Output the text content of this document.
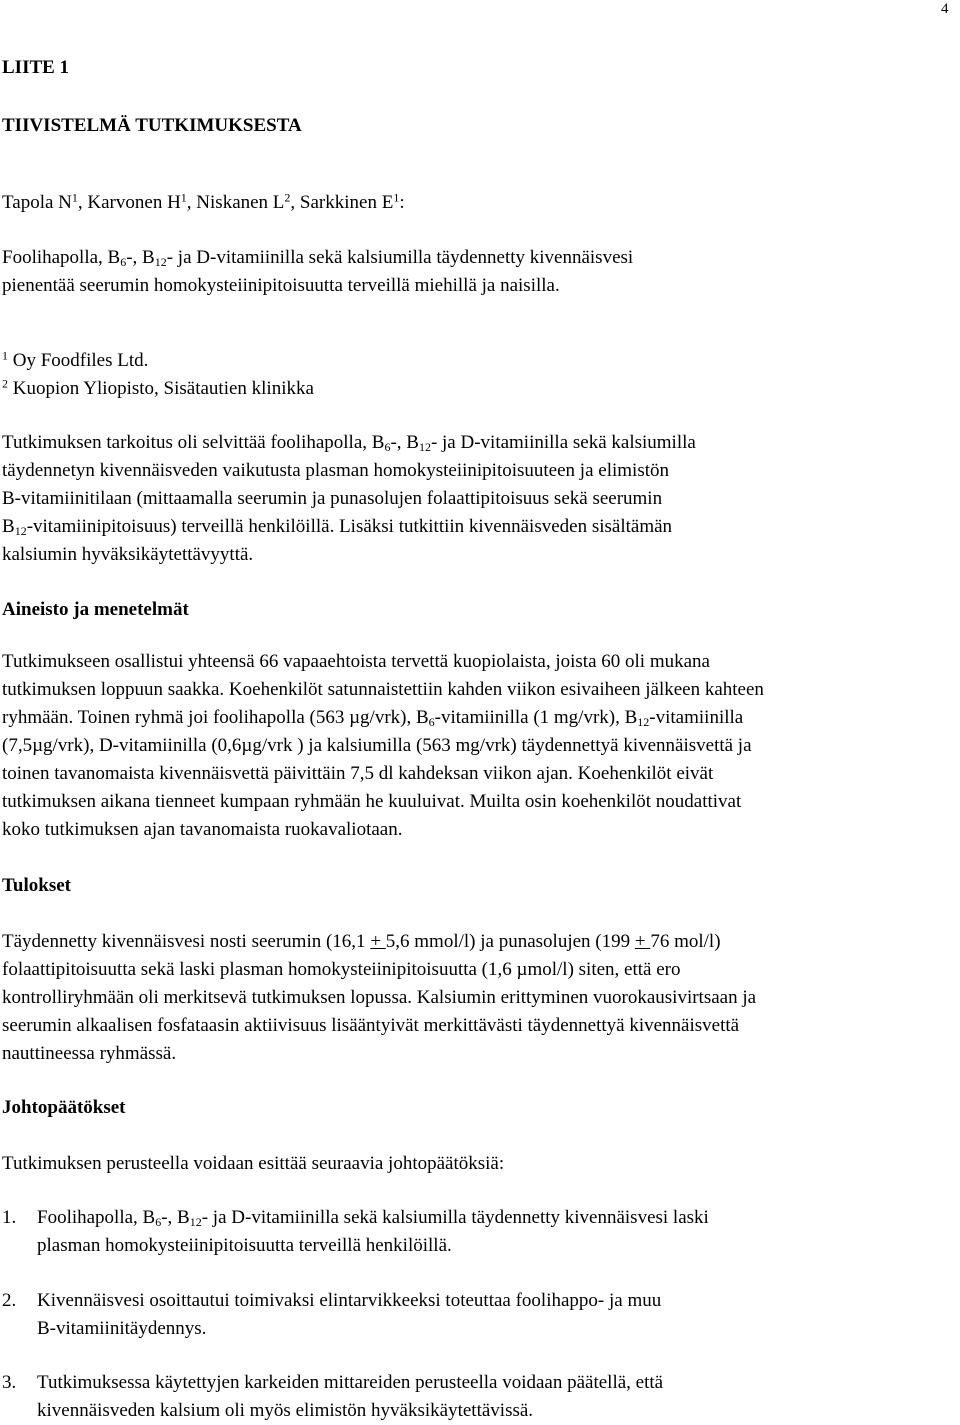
4
LIITE 1
TIIVISTELMÄ TUTKIMUKSESTA
Tapola $N^1$, Karvonen $H^1$, Niskanen $L^2$, Sarkkinen $E^1$:
Foolihapolla, $B_6-$, $B_{12}-$ ja D-vitamiinilla sekä kalsiumilla täydennetty kivennäisvesi
pienentää seerumin homokysteiinipitoisuutta terveillä miehillä ja naisilla.
$^1$ Oy Foodfiles Ltd.
$^2$ Kuopion Yliopisto, Sisätautien klinikka
Tutkimuksen tarkoitus oli selvittää foolihapolla, $B_6-$, $B_{12}-$ ja D-vitamiinilla sekä kalsiumilla
täydennetyn kivennäisveden vaikutusta plasman homokysteiinipitoisuuteen ja elimistön
B-vitamiinitilaan (mittaamalla seerumin ja punasolujen folaattipitoisuus sekä seerumin
$B_{12}-vitamiinipitoisuus$) terveillä henkilöillä. Lisäksi tutkittiin kivennäisveden sisältämän
kalsiumin hyväksikäytettävyyttä.
Aineisto ja menetelmät
Tutkimukseen osallistui yhteensä 66 vapaaehtoista tervettä kuopiolaista, joista 60 oli mukana
tutkimuksen loppuun saakka. Koehenkilöt satunnaistettiin kahden viikon esivaiheen jälkeen kahteen
ryhmään. Toinen ryhmä joi foolihapolla (563 µg/vrk), $B_6$-vitamiinilla (1 mg/vrk), $B_{12}$-vitamiinilla
(7,5µg/vrk), D-vitamiinilla (0,6µg/vrk ) ja kalsiumilla (563 mg/vrk) täydennettyä kivennäisvettä ja
toinen tavanomaista kivennäisvettä päivittäin 7,5 dl kahdeksan viikon ajan. Koehenkilöt eivät
tutkimuksen aikana tienneet kumpaan ryhmään he kuuluivat. Muilta osin koehenkilöt noudattivat
koko tutkimuksen ajan tavanomaista ruokavaliotaan.
Tulokset
Täydennetty kivennäisvesi nosti seerumin (16,1 + 5,6 mmol/l) ja punasolujen (199 + 76 mol/l)
folaattipitoisuutta sekä laski plasman homokysteiinipitoisuutta (1,6 µmol/l) siten, että ero
kontrolliryhmään oli merkitsevä tutkimuksen lopussa. Kalsiumin erittyminen vuorokausivirtsaan ja
seerumin alkaalisen fosfataasin aktiivisuus lisääntyivät merkittävästi täydennettyä kivennäisvettä
nauttineessa ryhmässä.
Johtopäätökset
Tutkimuksen perusteella voidaan esittää seuraavia johtopäätöksiä:
1. Foolihapolla, $B_6-$, $B_{12}-$ ja D-vitamiinilla sekä kalsiumilla täydennetty kivennäisvesi laski
plasman homokysteiinipitoisuutta terveillä henkilöillä.
2. Kivennäisvesi osoittautui toimivaksi elintarvikkeeksi toteuttaa foolihappo- ja muu
B-vitamiinitäydennys.
3. Tutkimuksessa käytettyjen karkeiden mittareiden perusteella voidaan päätellä, että
kivennäisveden kalsium oli myös elimistön hyväksikäytettävissä.
